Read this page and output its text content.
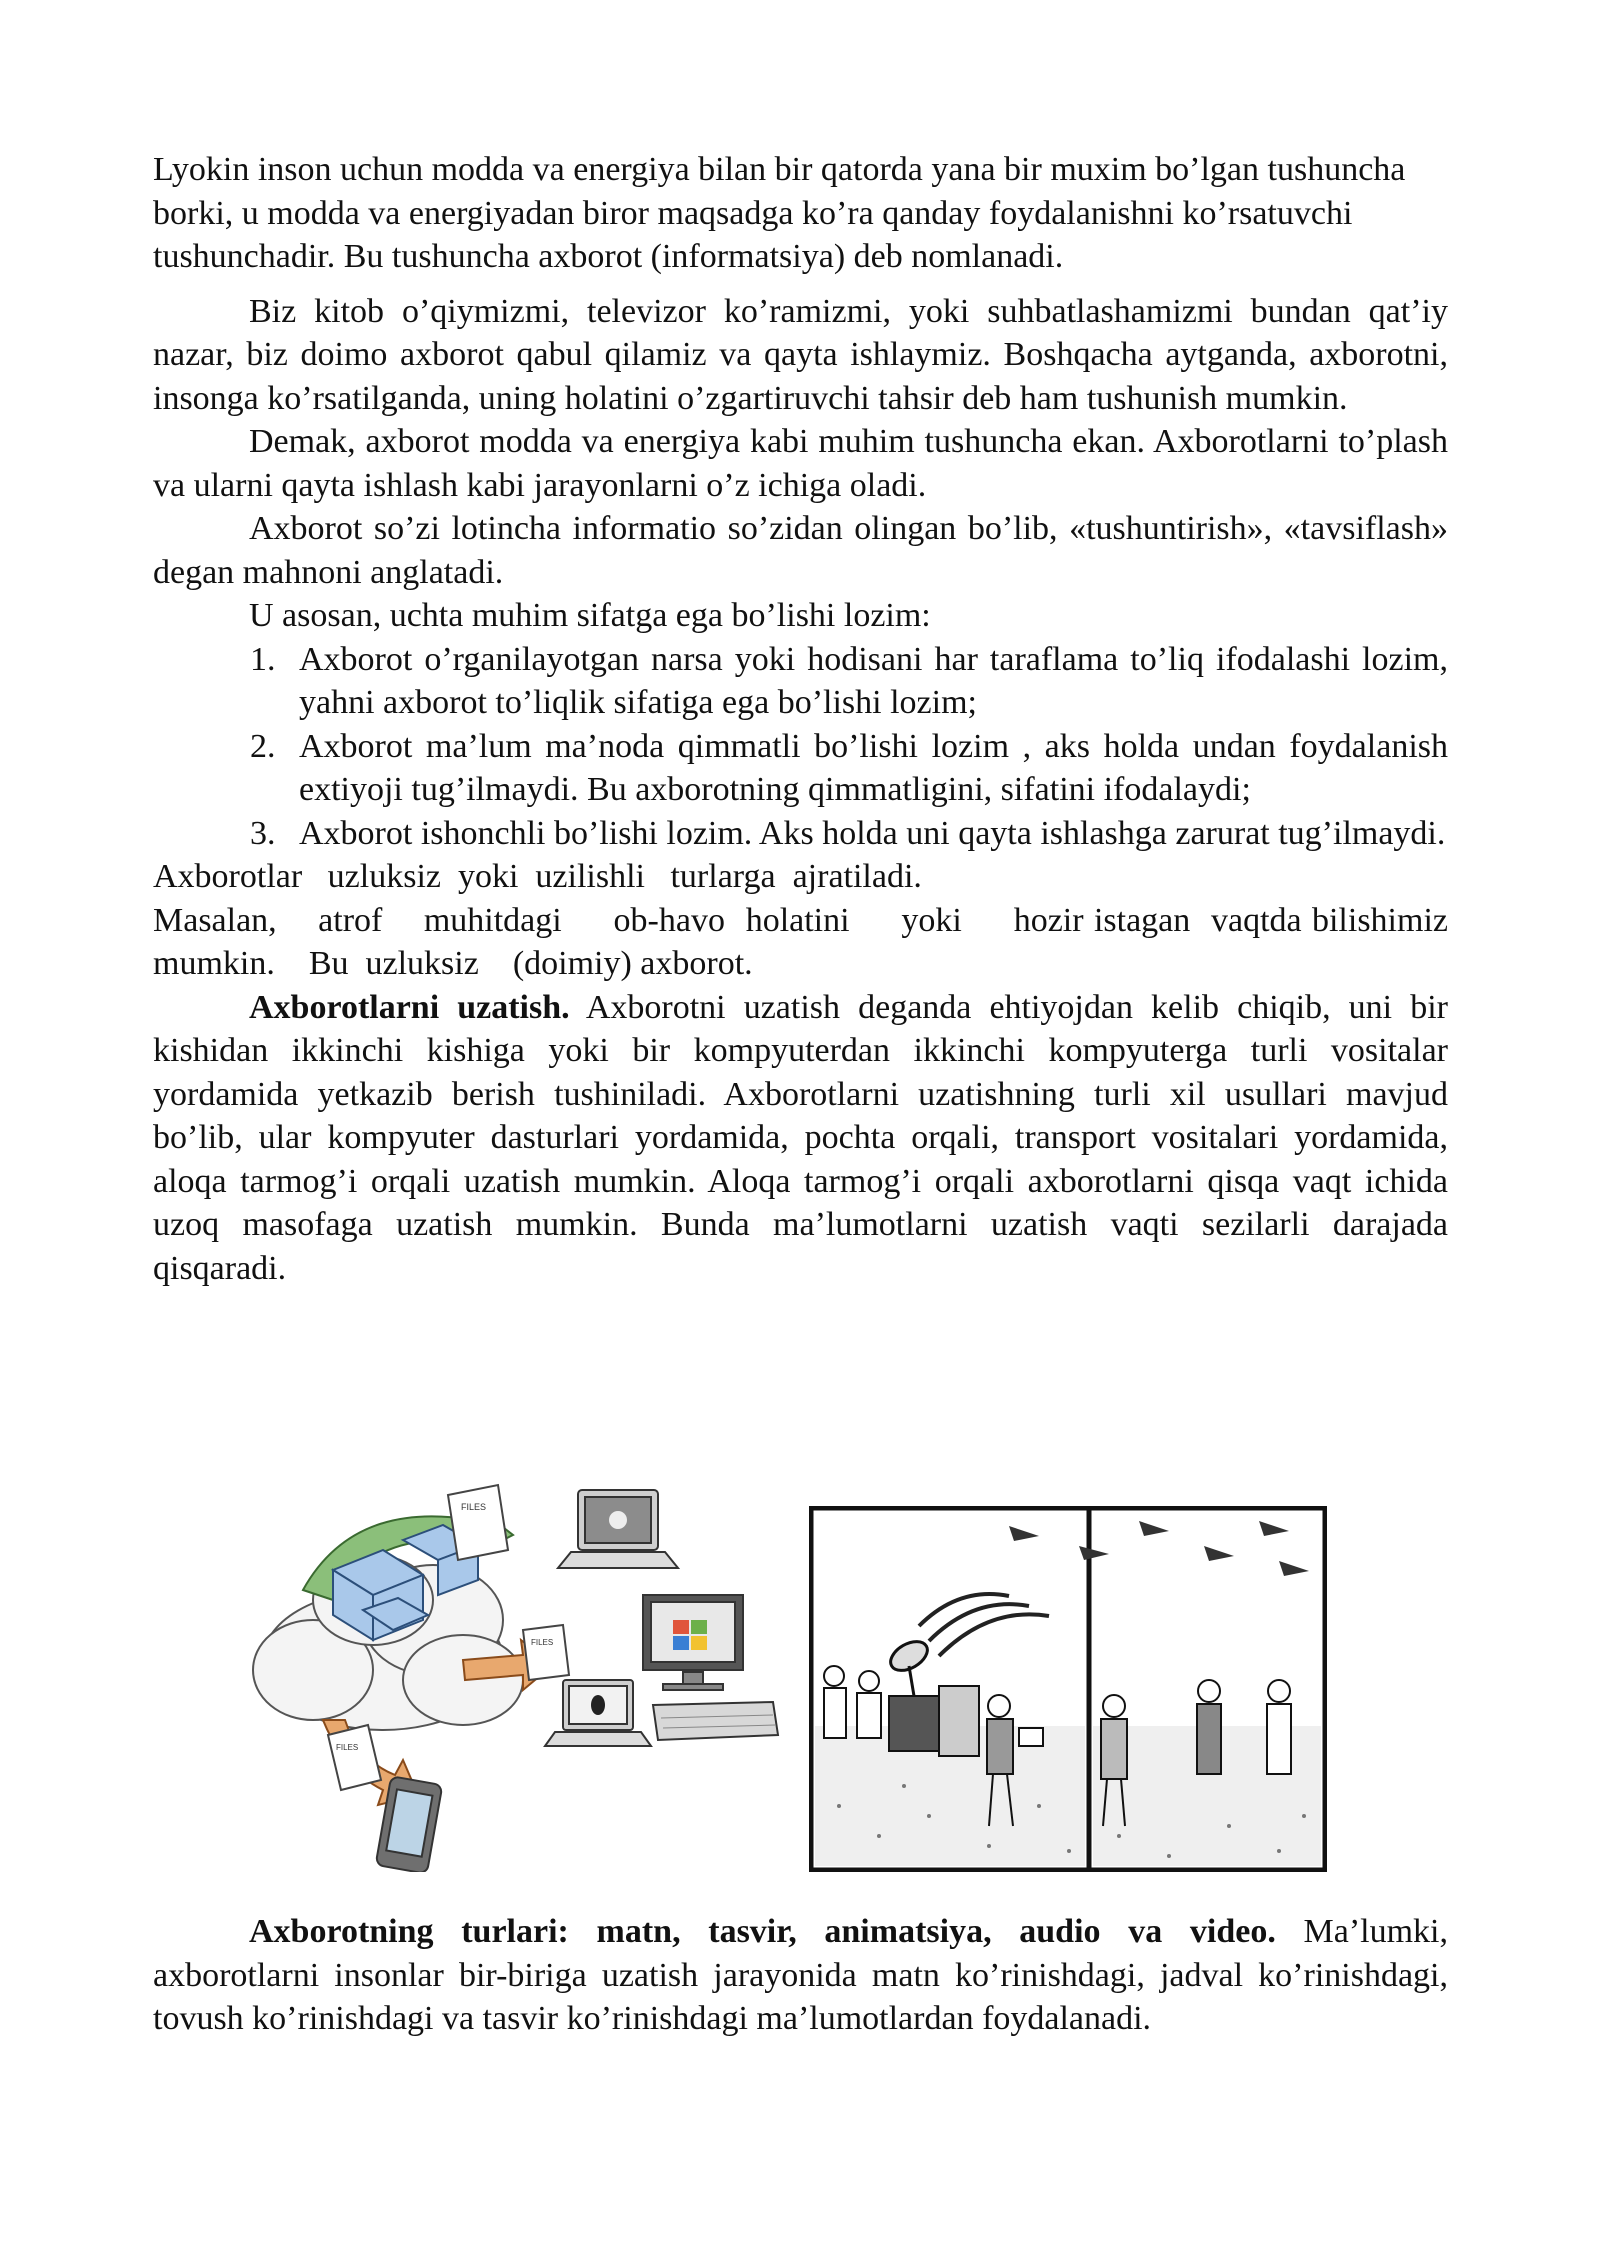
Lyokin inson uchun modda va energiya bilan bir qatorda yana bir muxim bo’lgan tushuncha borki, u modda va energiyadan biror maqsadga ko’ra qanday foydalanishni ko’rsatuvchi tushunchadir. Bu tushuncha axborot (informatsiya) deb nomlanadi.

Biz kitob o’qiymizmi, televizor ko’ramizmi, yoki suhbatlashamizmi bundan qat’iy nazar, biz doimo axborot qabul qilamiz va qayta ishlaymiz. Boshqacha aytganda, axborotni, insonga ko’rsatilganda, uning holatini o’zgartiruvchi tahsir deb ham tushunish mumkin.

Demak, axborot modda va energiya kabi muhim tushuncha ekan. Axborotlarni to’plash va ularni qayta ishlash kabi jarayonlarni o’z ichiga oladi.

Axborot so’zi lotincha informatio so’zidan olingan bo’lib, «tushuntirish», «tavsiflash» degan mahnoni anglatadi.

U asosan, uchta muhim sifatga ega bo’lishi lozim:

1. Axborot o’rganilayotgan narsa yoki hodisani har taraflama to’liq ifodalashi lozim, yahni axborot to’liqlik sifatiga ega bo’lishi lozim;
2. Axborot ma’lum ma’noda qimmatli bo’lishi lozim , aks holda undan foydalanish extiyoji tug’ilmaydi. Bu axborotning qimmatligini, sifatini ifodalaydi;
3. Axborot ishonchli bo’lishi lozim. Aks holda uni qayta ishlashga zarurat tug’ilmaydi.

Axborotlar   uzluksiz  yoki  uzilishli   turlarga  ajratiladi.

Masalan,    atrof    muhitdagi     ob-havo  holatini     yoki     hozir istagan  vaqtda bilishimiz   mumkin.    Bu  uzluksiz    (doimiy) axborot.

Axborotlarni uzatish. Axborotni uzatish deganda ehtiyojdan kelib chiqib, uni bir kishidan ikkinchi kishiga yoki bir kompyuterdan ikkinchi kompyuterga turli vositalar yordamida yetkazib berish tushiniladi. Axborotlarni uzatishning turli xil usullari mavjud bo’lib, ular kompyuter dasturlari yordamida, pochta orqali, transport vositalari yordamida, aloqa tarmog’i orqali uzatish mumkin. Aloqa tarmog’i orqali axborotlarni qisqa vaqt ichida uzoq masofaga uzatish mumkin. Bunda ma’lumotlarni uzatish vaqti sezilarli darajada qisqaradi.

FILES
FILES
FILES

Axborotning turlari: matn, tasvir, animatsiya, audio va video. Ma’lumki, axborotlarni insonlar bir-biriga uzatish jarayonida matn ko’rinishdagi, jadval ko’rinishdagi, tovush ko’rinishdagi va tasvir ko’rinishdagi ma’lumotlardan foydalanadi.
